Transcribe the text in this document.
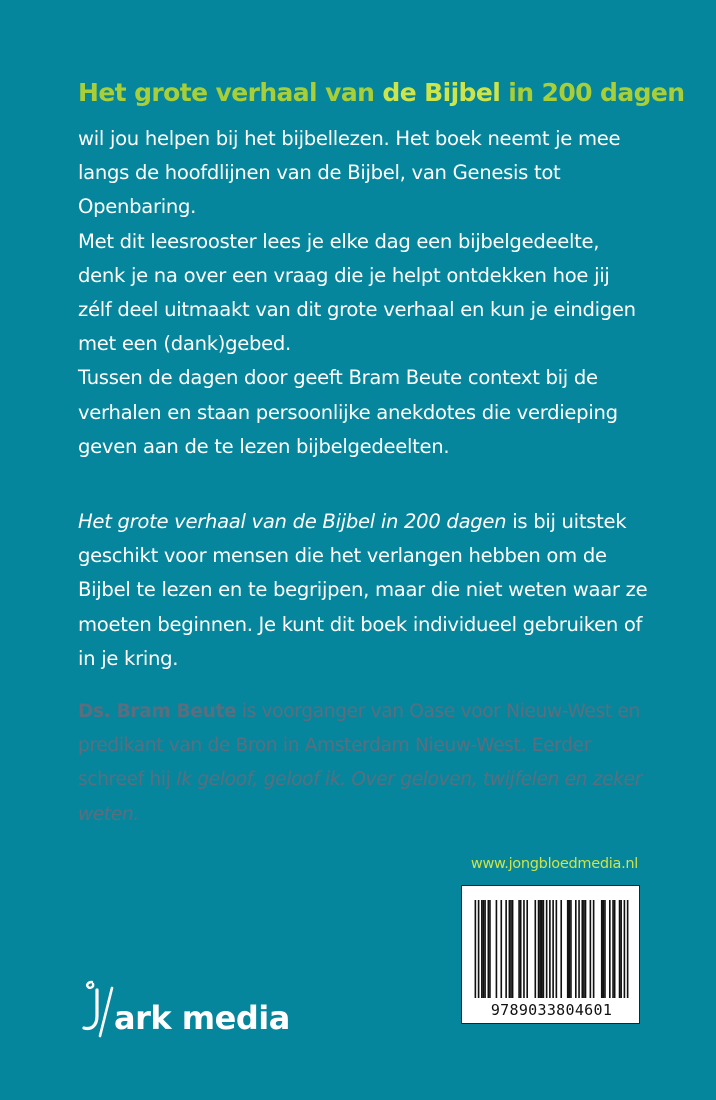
Het grote verhaal van de Bijbel in 200 dagen

wil jou helpen bij het bijbellezen. Het boek neemt je mee langs de hoofdlijnen van de Bijbel, van Genesis tot Openbaring.

Met dit leesrooster lees je elke dag een bijbelgedeelte, denk je na over een vraag die je helpt ontdekken hoe jij zélf deel uitmaakt van dit grote verhaal en kun je eindigen met een (dank)gebed.

Tussen de dagen door geeft Bram Beute context bij de verhalen en staan persoonlijke anekdotes die verdieping geven aan de te lezen bijbelgedeelten.

Het grote verhaal van de Bijbel in 200 dagen is bij uitstek geschikt voor mensen die het verlangen hebben om de Bijbel te lezen en te begrijpen, maar die niet weten waar ze moeten beginnen. Je kunt dit boek individueel gebruiken of in je kring.
Ds. Bram Beute is voorganger van Oase voor Nieuw-West en predikant van de Bron in Amsterdam Nieuw-West. Eerder schreef hij Ik geloof, geloof ik. Over geloven, twijfelen en zeker weten.
www.jongbloedmedia.nl
9789033804601
ark media
